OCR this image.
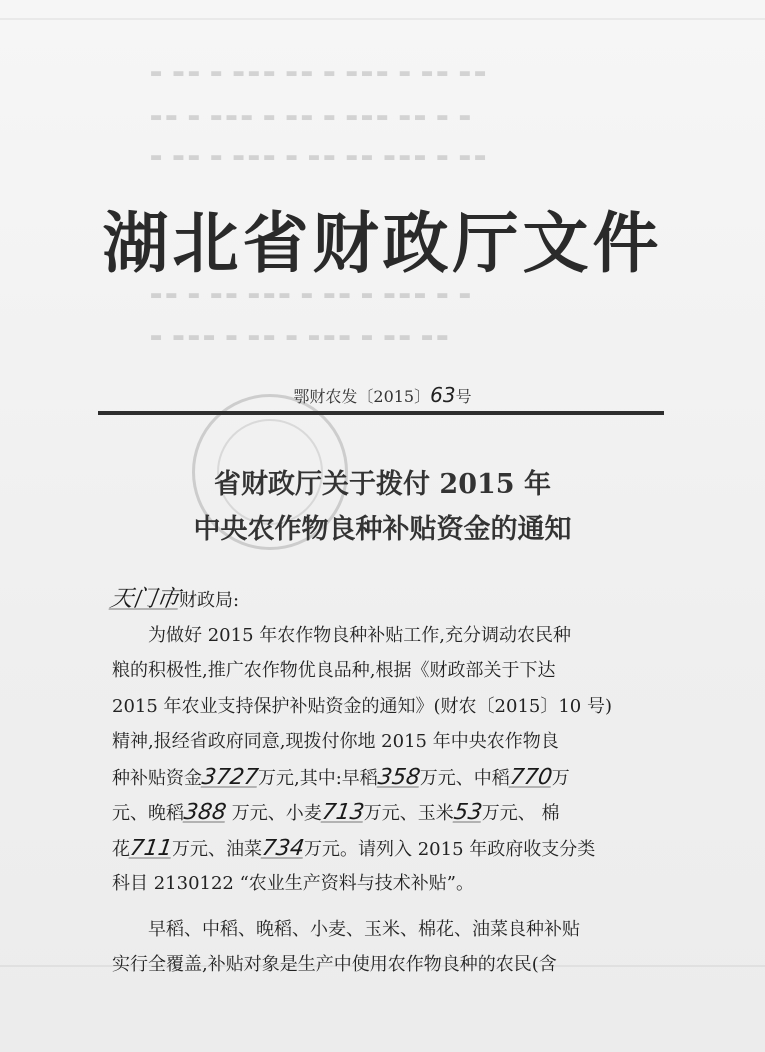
▬ ▬▬ ▬ ▬▬▬ ▬▬ ▬ ▬▬▬ ▬ ▬▬ ▬▬
▬▬ ▬ ▬▬▬ ▬ ▬▬ ▬ ▬▬▬ ▬▬ ▬ ▬
▬ ▬▬ ▬ ▬▬▬ ▬ ▬▬ ▬▬ ▬▬▬ ▬ ▬▬
▬▬ ▬ ▬▬ ▬▬▬ ▬ ▬▬ ▬ ▬▬▬ ▬ ▬
▬ ▬▬▬ ▬ ▬▬ ▬ ▬▬▬ ▬ ▬▬ ▬▬
湖北省财政厅文件
鄂财农发〔2015〕63号
省财政厅关于拨付 2015 年
中央农作物良种补贴资金的通知
天门市财政局:
为做好 2015 年农作物良种补贴工作,充分调动农民种
粮的积极性,推广农作物优良品种,根据《财政部关于下达
2015 年农业支持保护补贴资金的通知》(财农〔2015〕10 号)
精神,报经省政府同意,现拨付你地 2015 年中央农作物良
种补贴资金3727万元,其中:早稻358万元、中稻770万
元、晚稻388 万元、小麦713万元、玉米53万元、 棉
花711万元、油菜734万元。请列入 2015 年政府收支分类
科目 2130122 “农业生产资料与技术补贴”。
早稻、中稻、晚稻、小麦、玉米、棉花、油菜良种补贴
实行全覆盖,补贴对象是生产中使用农作物良种的农民(含
